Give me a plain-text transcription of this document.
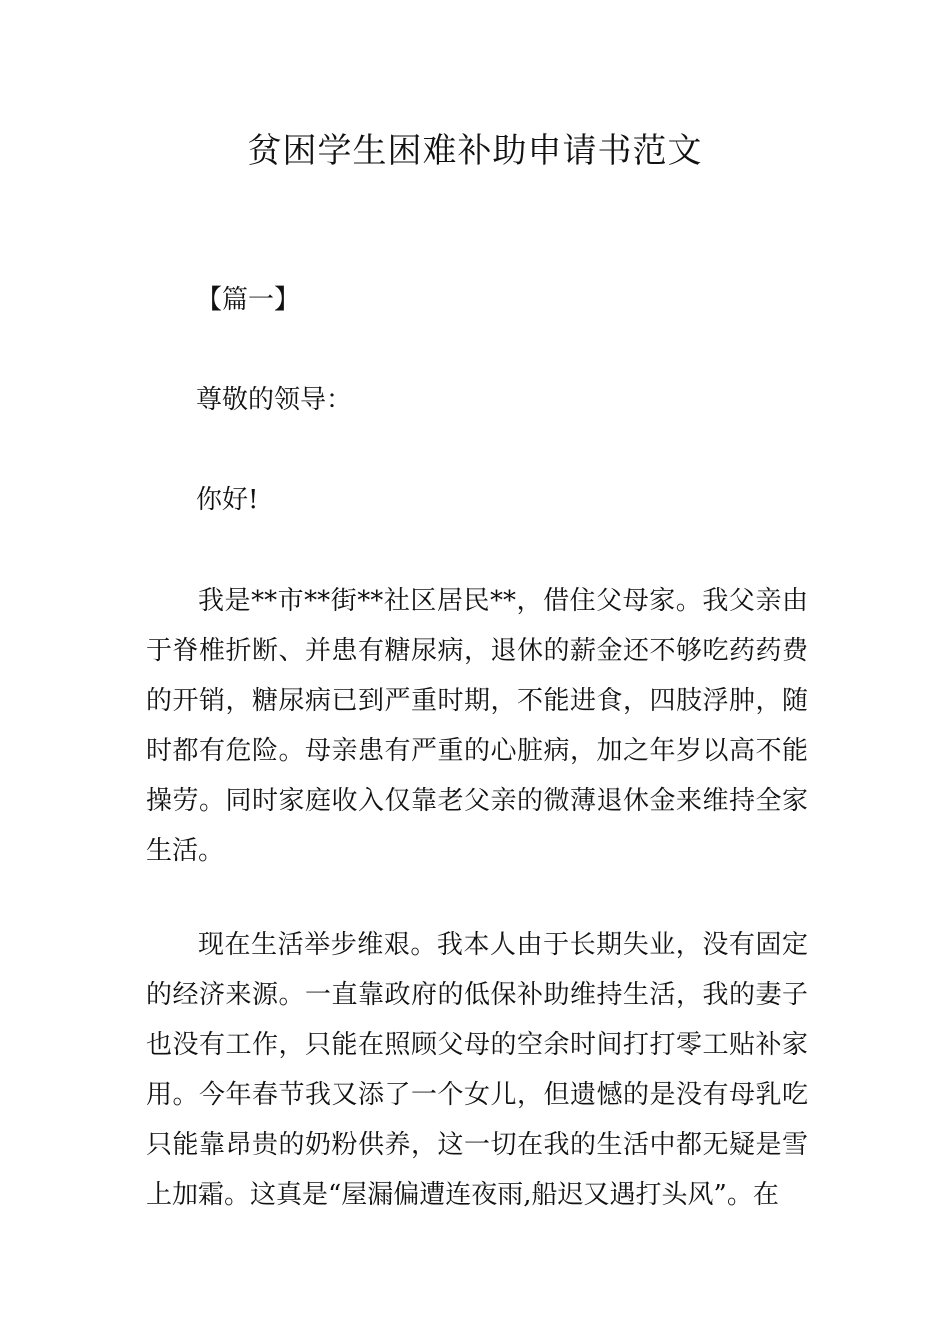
贫困学生困难补助申请书范文

【篇一】

尊敬的领导：

你好!

我是**市**街**社区居民**，借住父母家。我父亲由于脊椎折断、并患有糖尿病，退休的薪金还不够吃药药费的开销，糖尿病已到严重时期，不能进食，四肢浮肿，随时都有危险。母亲患有严重的心脏病，加之年岁以高不能操劳。同时家庭收入仅靠老父亲的微薄退休金来维持全家生活。

现在生活举步维艰。我本人由于长期失业，没有固定的经济来源。一直靠政府的低保补助维持生活，我的妻子也没有工作，只能在照顾父母的空余时间打打零工贴补家用。今年春节我又添了一个女儿，但遗憾的是没有母乳吃只能靠昂贵的奶粉供养，这一切在我的生活中都无疑是雪上加霜。这真是“屋漏偏遭连夜雨,船迟又遇打头风”。在
